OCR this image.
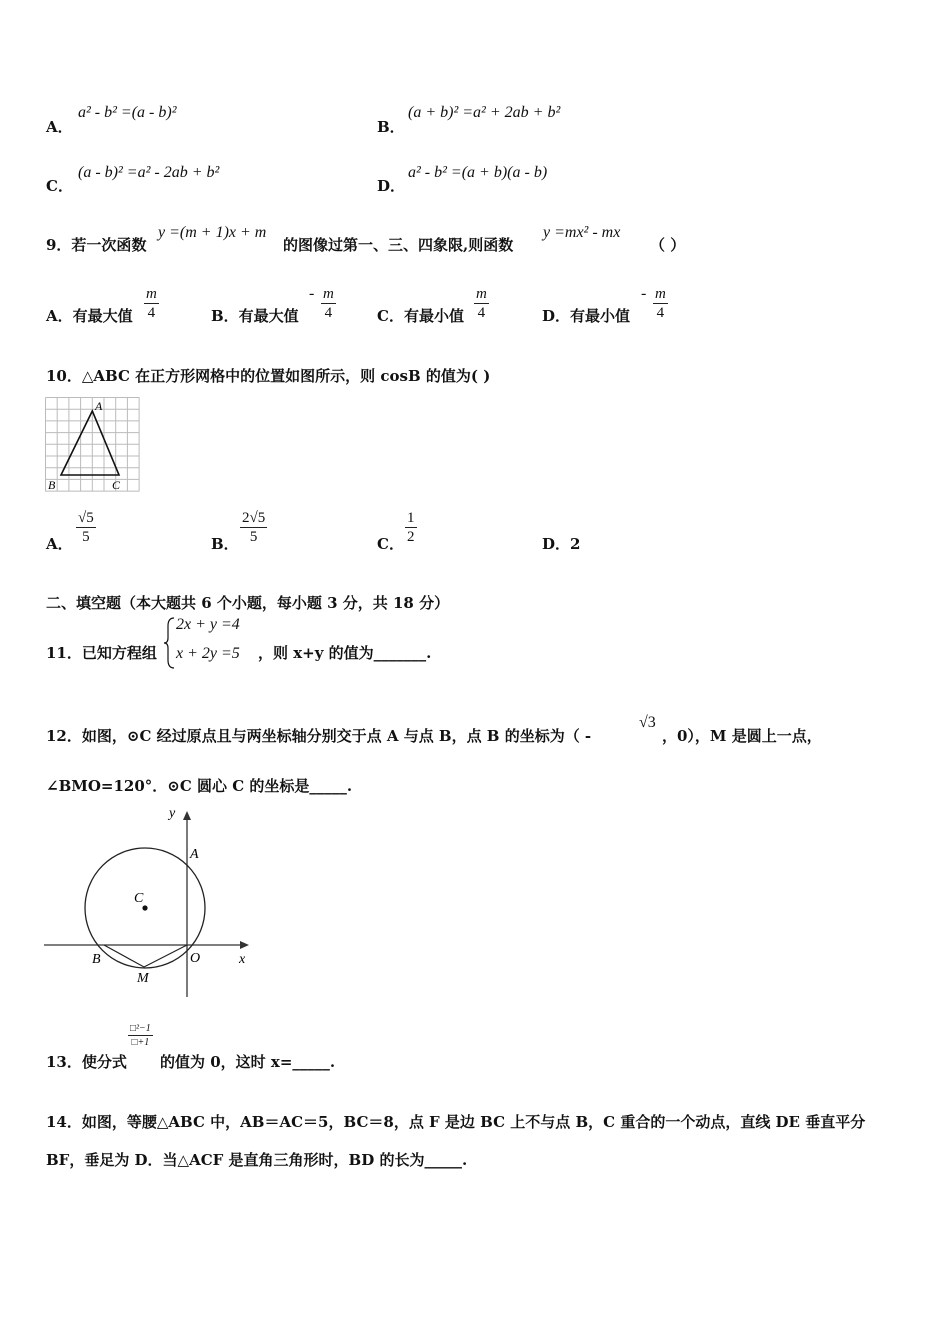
A．
a² - b² =(a - b)²
B．
(a + b)² =a² + 2ab + b²
C．
(a - b)² =a² - 2ab + b²
D．
a² - b² =(a + b)(a - b)
9．若一次函数
y =(m + 1)x + m
的图像过第一、三、四象限,则函数
y =mx² - mx
（ ）
A．有最大值 $\frac{m}{4}$	B．有最大值
- $\frac{m}{4}$	C．有最小值 $\frac{m}{4}$	D．有最小值
- $\frac{m}{4}$
10．△ABC 在正方形网格中的位置如图所示，则 cosB 的值为( )
A
B	C
A． $\frac{√5}{5}$	B． $\frac{2√5}{5}$	C． $\frac{1}{2}$	D．2
二、填空题（本大题共 6 个小题，每小题 3 分，共 18 分）
11．已知方程组
2x + y =4
x + 2y =5 ，则 x+y 的值为_______.
12．如图，⊙C 经过原点且与两坐标轴分别交于点 A 与点 B，点 B 的坐标为（ -
√3
，0），M 是圆上一点，
∠BMO=120°．⊙C 圆心 C 的坐标是_____.
y
x
A
B
C
O
M
13．使分式
$\frac{\text{□²−1}}{□+1}$
的值为 0，这时 x=_____.
14．如图，等腰△ABC 中，AB＝AC＝5，BC＝8，点 F 是边 BC 上不与点 B，C 重合的一个动点，直线 DE 垂直平分
BF，垂足为 D．当△ACF 是直角三角形时，BD 的长为_____.
